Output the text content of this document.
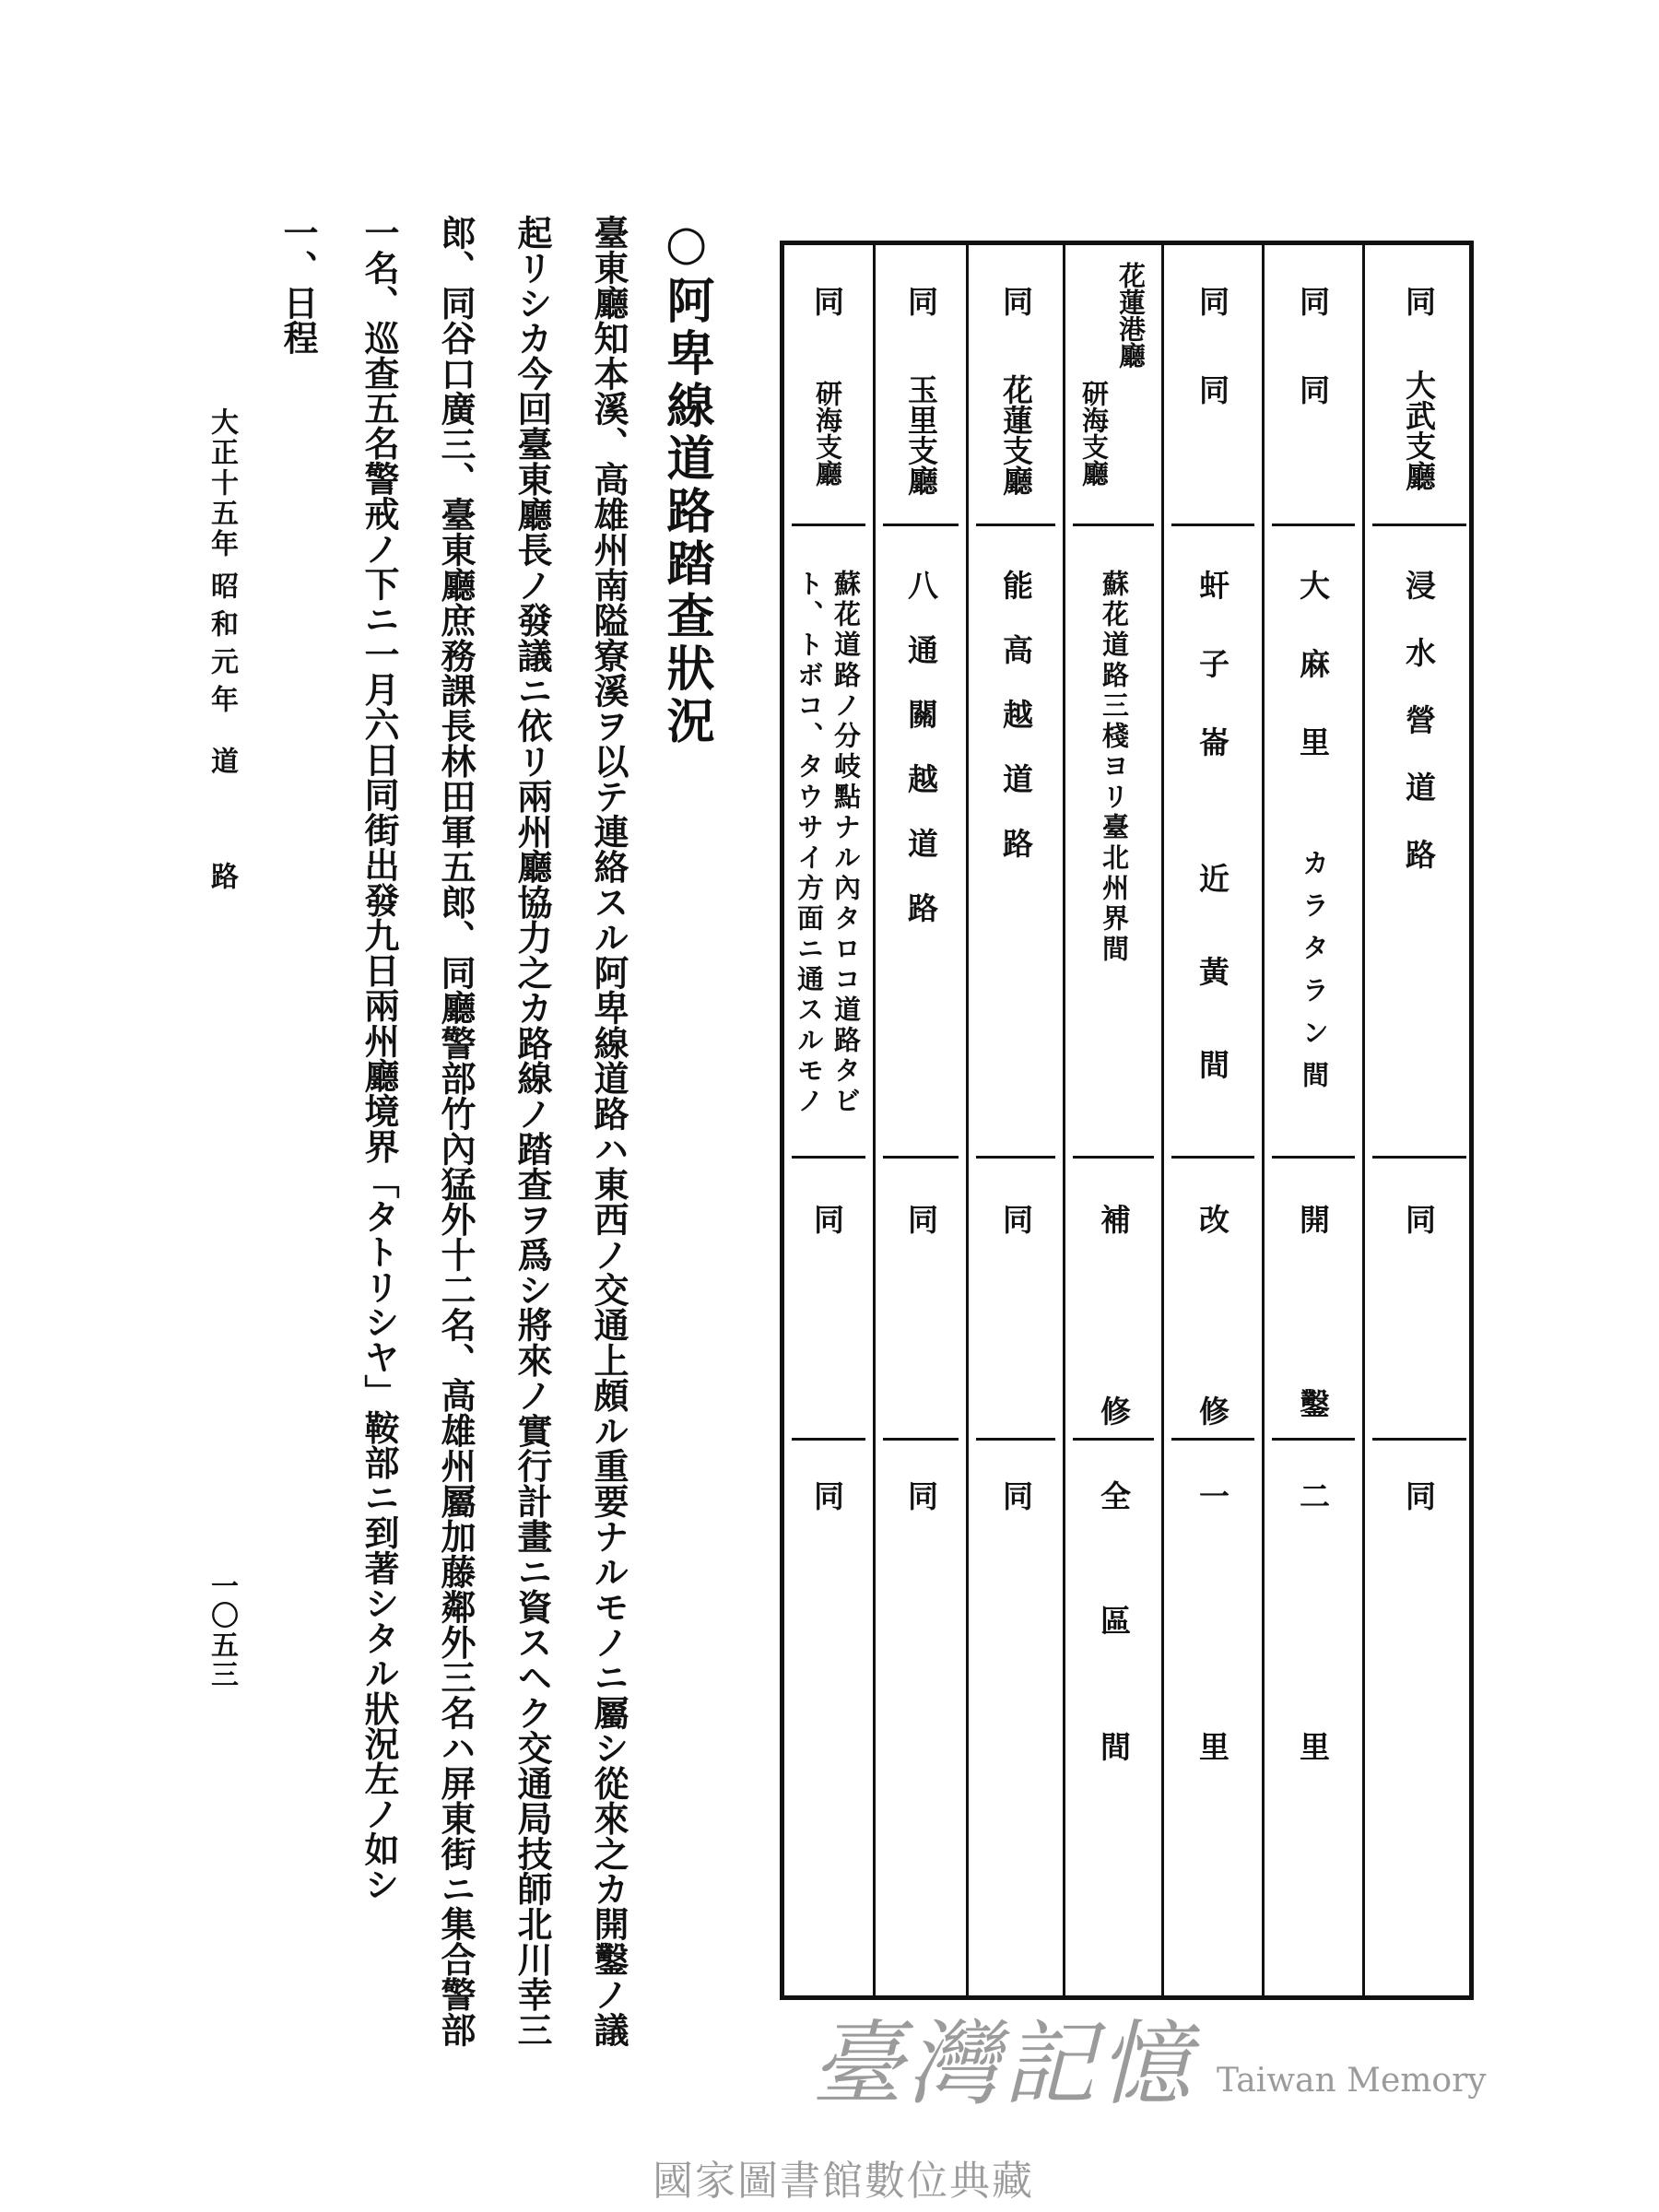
同
大武支廳
浸水營道路
同
同
同
同
大麻里
カラタラン間
開
鑿
二
里
同
同
虷子崙
近黃間
改
修
一
里
花蓮港廳
研海支廳
蘇花道路三棧ヨリ臺北州界間
補
修
全
區
間
同
花蓮支廳
能高越道路
同
同
同
玉里支廳
八通關越道路
同
同
同
研海支廳
蘇花道路ノ分岐點ナル內タロコ道路タビ
ト、トボコ、タウサイ方面ニ通スルモノ
同
同
○阿卑線道路踏查狀況
臺東廳知本溪、高雄州南隘寮溪ヲ以テ連絡スル阿卑線道路ハ東西ノ交通上頗ル重要ナルモノニ屬シ從來之カ開鑿ノ議
起リシカ今回臺東廳長ノ發議ニ依リ兩州廳協力之カ路線ノ踏查ヲ爲シ將來ノ實行計畫ニ資スヘク交通局技師北川幸三
郎、同谷口廣三、臺東廳庶務課長林田軍五郎、同廳警部竹內猛外十二名、高雄州屬加藤鄰外三名ハ屏東街ニ集合警部
一名、巡查五名警戒ノ下ニ一月六日同街出發九日兩州廳境界「タトリシヤ」鞍部ニ到著シタル狀況左ノ如シ
一、日程
大正十五年
昭和元年
道
路
一〇五三
臺灣記憶 Taiwan Memory
國家圖書館數位典藏
